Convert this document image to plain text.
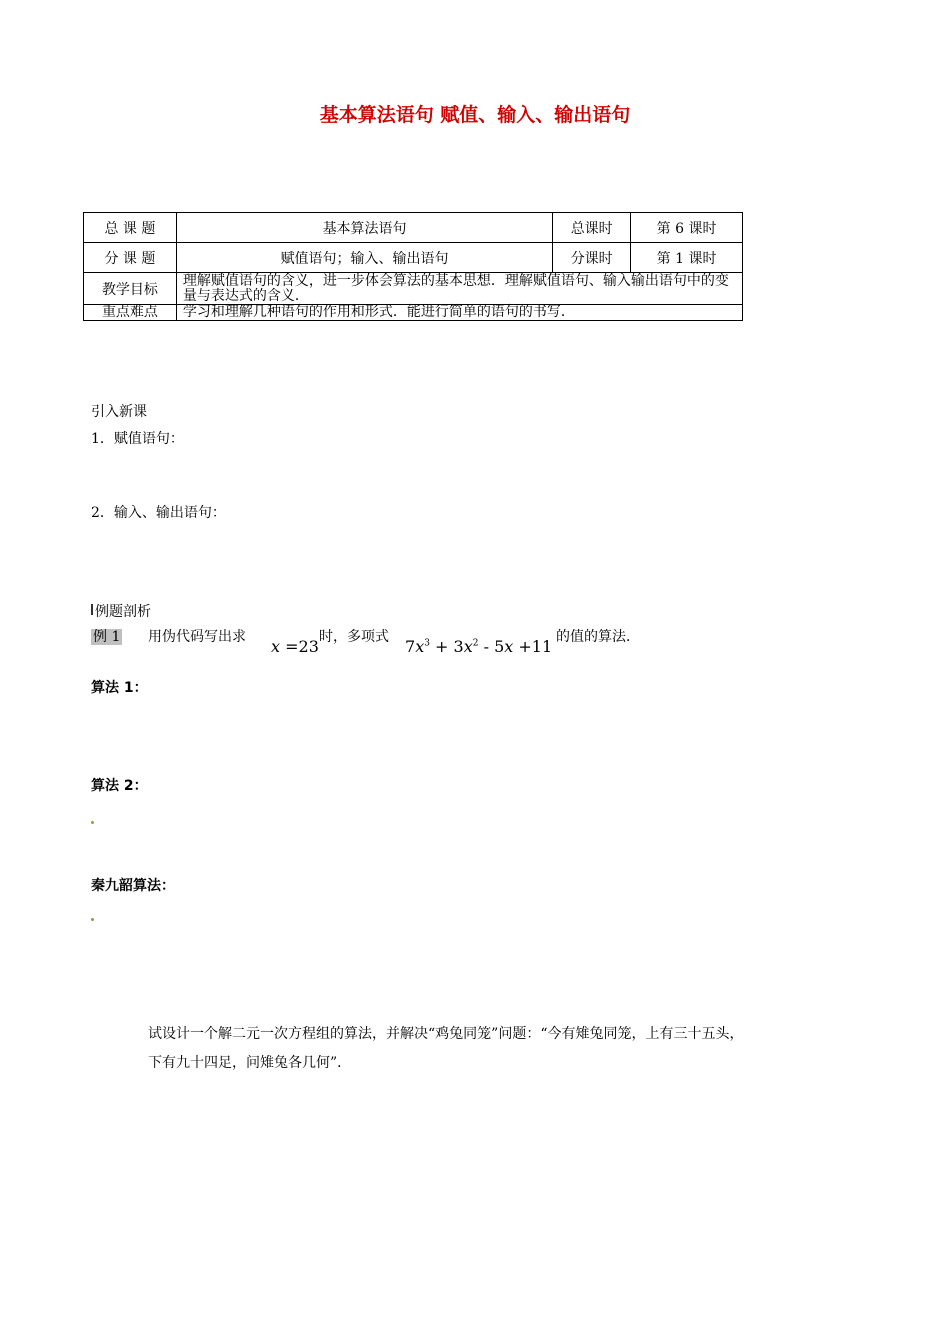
基本算法语句 赋值、输入、输出语句
总 课 题	基本算法语句	总课时	第 6 课时
分 课 题	赋值语句；输入、输出语句	分课时	第 1 课时
教学目标	理解赋值语句的含义，进一步体会算法的基本思想．理解赋值语句、输入输出语句中的变量与表达式的含义．		
重点难点	学习和理解几种语句的作用和形式．能进行简单的语句的书写．		
引入新课
1．赋值语句：
2．输入、输出语句：
例题剖析
例 1 用伪代码写出求 x =23 时，多项式 $7x^3 + 3x^2 - 5x +11$ 的值的算法．
算法 1：
算法 2：
秦九韶算法：
试设计一个解二元一次方程组的算法，并解决“鸡兔同笼”问题：“今有雉兔同笼，上有三十五头，
下有九十四足，问雉兔各几何”．
